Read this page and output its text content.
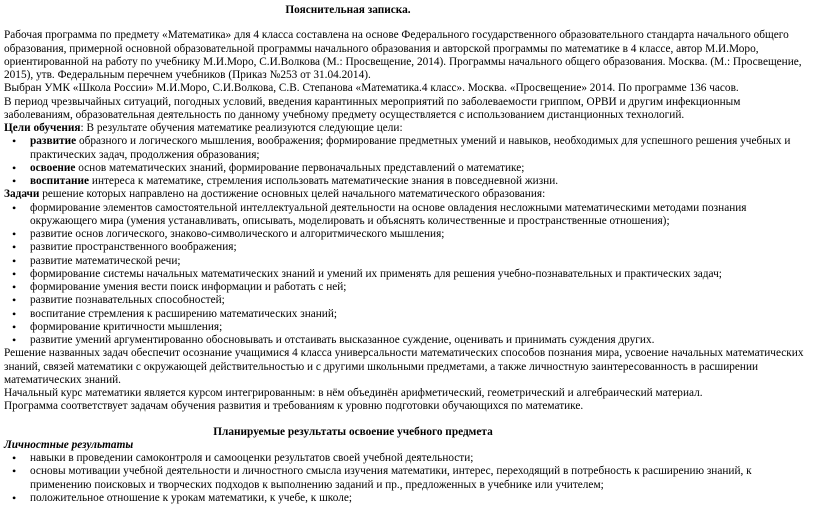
Пояснительная записка.

Рабочая программа по предмету «Математика» для 4 класса составлена на основе Федерального государственного образовательного стандарта начального общего образования, примерной основной образовательной программы начального образования и авторской программы по математике в 4 классе, автор М.И.Моро, ориентированной на работу по учебнику М.И.Моро, С.И.Волкова (М.: Просвещение, 2014). Программы начального общего образования. Москва. (М.: Просвещение, 2015), утв. Федеральным перечнем учебников (Приказ №253 от 31.04.2014).

Выбран УМК «Школа России» М.И.Моро, С.И.Волкова, С.В. Степанова «Математика.4 класс». Москва. «Просвещение» 2014. По программе 136 часов.

В период чрезвычайных ситуаций, погодных условий, введения карантинных мероприятий по заболеваемости гриппом, ОРВИ и другим инфекционным заболеваниям, образовательная деятельность по данному учебному предмету осуществляется с использованием дистанционных технологий.

Цели обучения: В результате обучения математике реализуются следующие цели:

• развитие образного и логического мышления, воображения; формирование предметных умений и навыков, необходимых для успешного решения учебных и практических задач, продолжения образования;
• освоение основ математических знаний, формирование первоначальных представлений о математике;
• воспитание интереса к математике, стремления использовать математические знания в повседневной жизни.

Задачи решение которых направлено на достижение основных целей начального математического образования:

• формирование элементов самостоятельной интеллектуальной деятельности на основе овладения несложными математическими методами познания окружающего мира (умения устанавливать, описывать, моделировать и объяснять количественные и пространственные отношения);
• развитие основ логического, знаково-символического и алгоритмического мышления;
• развитие пространственного воображения;
• развитие математической речи;
• формирование системы начальных математических знаний и умений их применять для решения учебно-познавательных и практических задач;
• формирование умения вести поиск информации и работать с ней;
• развитие познавательных способностей;
• воспитание стремления к расширению математических знаний;
• формирование критичности мышления;
• развитие умений аргументированно обосновывать и отстаивать высказанное суждение, оценивать и принимать суждения других.

Решение названных задач обеспечит осознание учащимися 4 класса универсальности математических способов познания мира, усвоение начальных математических знаний, связей математики с окружающей действительностью и с другими школьными предметами, а также личностную заинтересованность в расширении математических знаний.

Начальный курс математики является курсом интегрированным: в нём объединён арифметический, геометрический и алгебраический материал.

Программа соответствует задачам обучения развития и требованиям к уровню подготовки обучающихся по математике.

Планируемые результаты освоение учебного предмета
Личностные результаты
• навыки в проведении самоконтроля и самооценки результатов своей учебной деятельности;
• основы мотивации учебной деятельности и личностного смысла изучения математики, интерес, переходящий в потребность к расширению знаний, к применению поисковых и творческих подходов к выполнению заданий и пр., предложенных в учебнике или учителем;
• положительное отношение к урокам математики, к учебе, к школе;
